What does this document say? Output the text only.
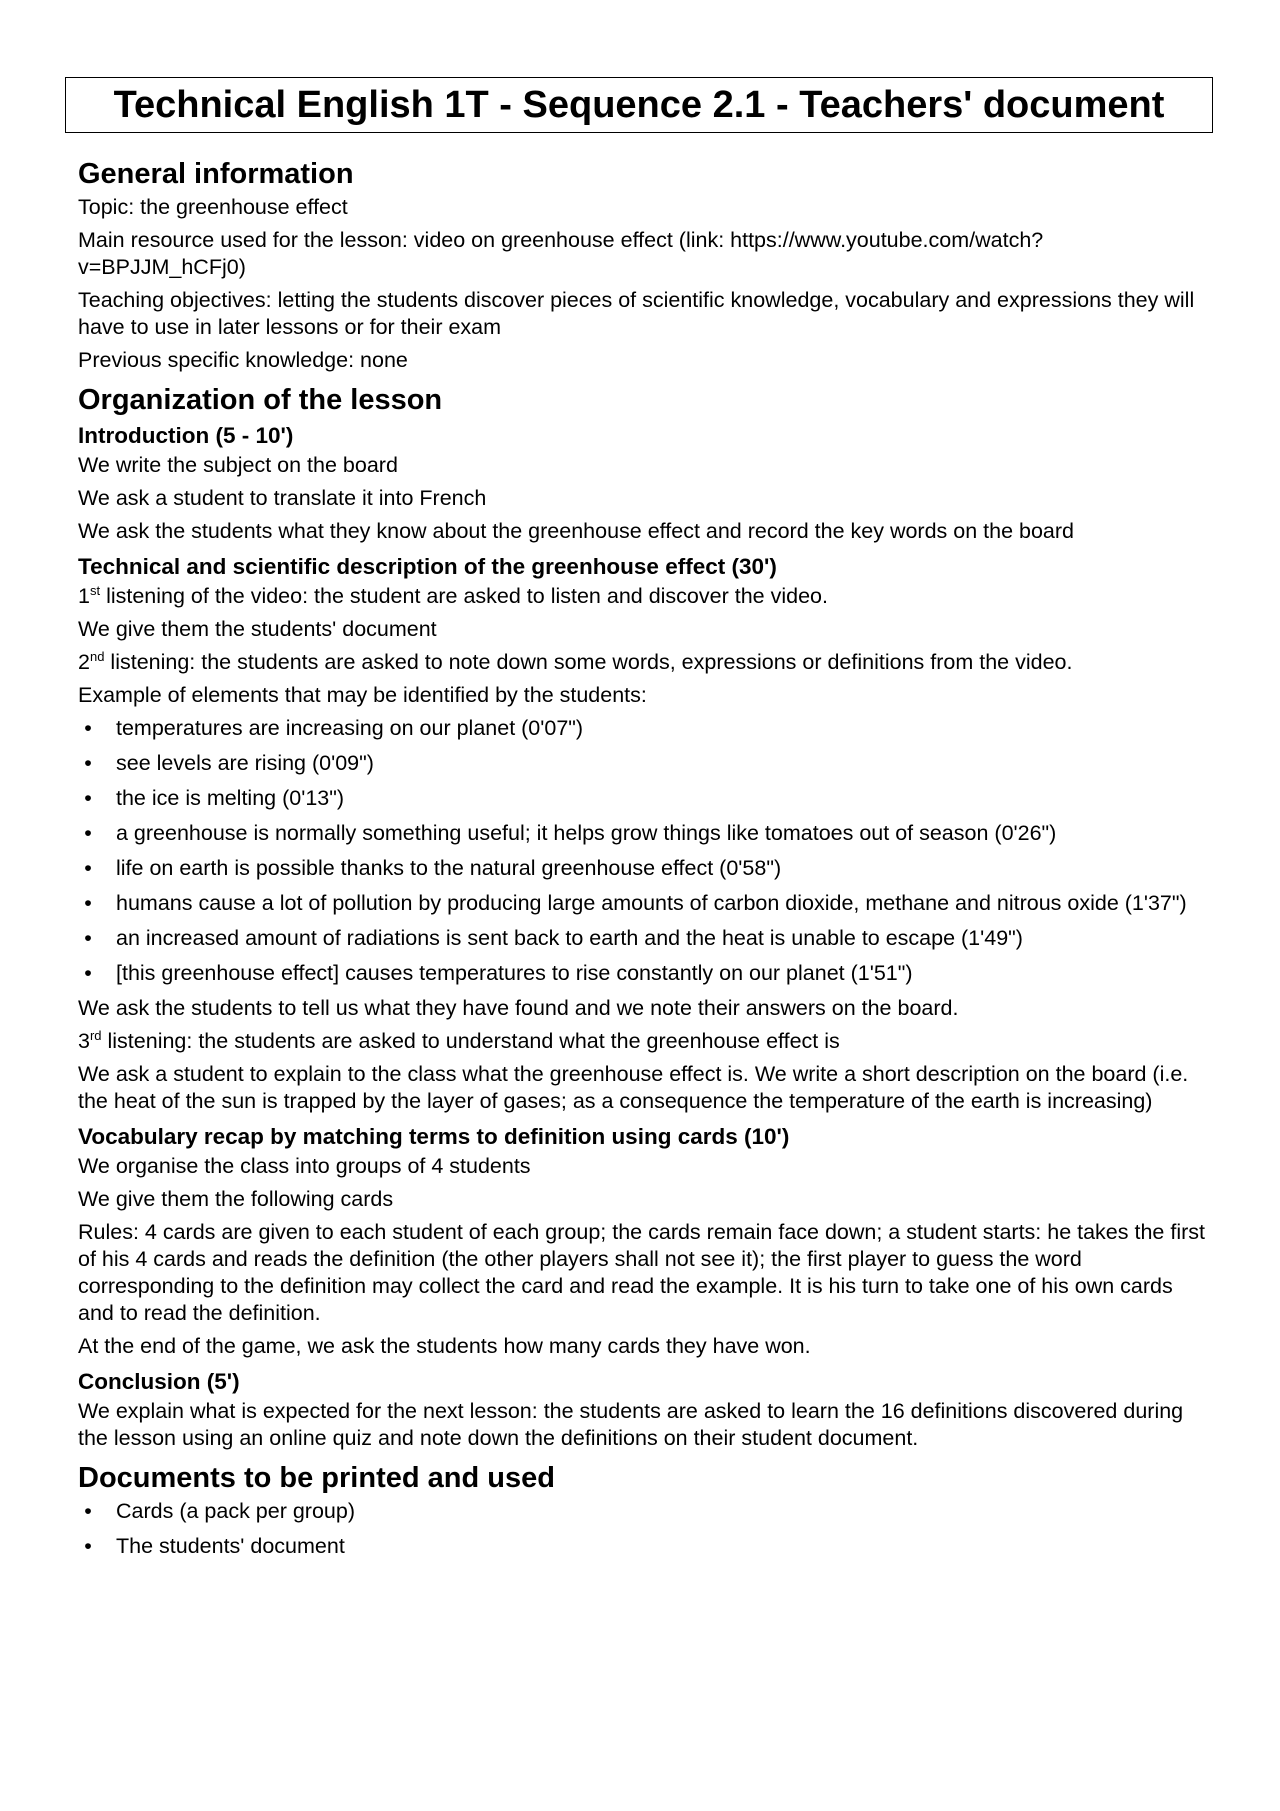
Technical English 1T - Sequence 2.1 - Teachers' document
General information

Topic: the greenhouse effect

Main resource used for the lesson: video on greenhouse effect (link: https://www.youtube.com/watch?v=BPJJM_hCFj0)

Teaching objectives: letting the students discover pieces of scientific knowledge, vocabulary and expressions they will have to use in later lessons or for their exam

Previous specific knowledge: none

Organization of the lesson
Introduction (5 - 10')

We write the subject on the board

We ask a student to translate it into French

We ask the students what they know about the greenhouse effect and record the key words on the board

Technical and scientific description of the greenhouse effect (30')

1st listening of the video: the student are asked to listen and discover the video.

We give them the students' document

2nd listening: the students are asked to note down some words, expressions or definitions from the video.

Example of elements that may be identified by the students:

• temperatures are increasing on our planet (0'07")
• see levels are rising (0'09")
• the ice is melting (0'13")
• a greenhouse is normally something useful; it helps grow things like tomatoes out of season (0'26")
• life on earth is possible thanks to the natural greenhouse effect (0'58")
• humans cause a lot of pollution by producing large amounts of carbon dioxide, methane and nitrous oxide (1'37")
• an increased amount of radiations is sent back to earth and the heat is unable to escape (1'49")
• [this greenhouse effect] causes temperatures to rise constantly on our planet (1'51")

We ask the students to tell us what they have found and we note their answers on the board.

3rd listening: the students are asked to understand what the greenhouse effect is

We ask a student to explain to the class what the greenhouse effect is. We write a short description on the board (i.e. the heat of the sun is trapped by the layer of gases; as a consequence the temperature of the earth is increasing)

Vocabulary recap by matching terms to definition using cards (10')

We organise the class into groups of 4 students

We give them the following cards

Rules: 4 cards are given to each student of each group; the cards remain face down; a student starts: he takes the first of his 4 cards and reads the definition (the other players shall not see it); the first player to guess the word corresponding to the definition may collect the card and read the example. It is his turn to take one of his own cards and to read the definition.

At the end of the game, we ask the students how many cards they have won.

Conclusion (5')

We explain what is expected for the next lesson: the students are asked to learn the 16 definitions discovered during the lesson using an online quiz and note down the definitions on their student document.

Documents to be printed and used
• Cards (a pack per group)
• The students' document
